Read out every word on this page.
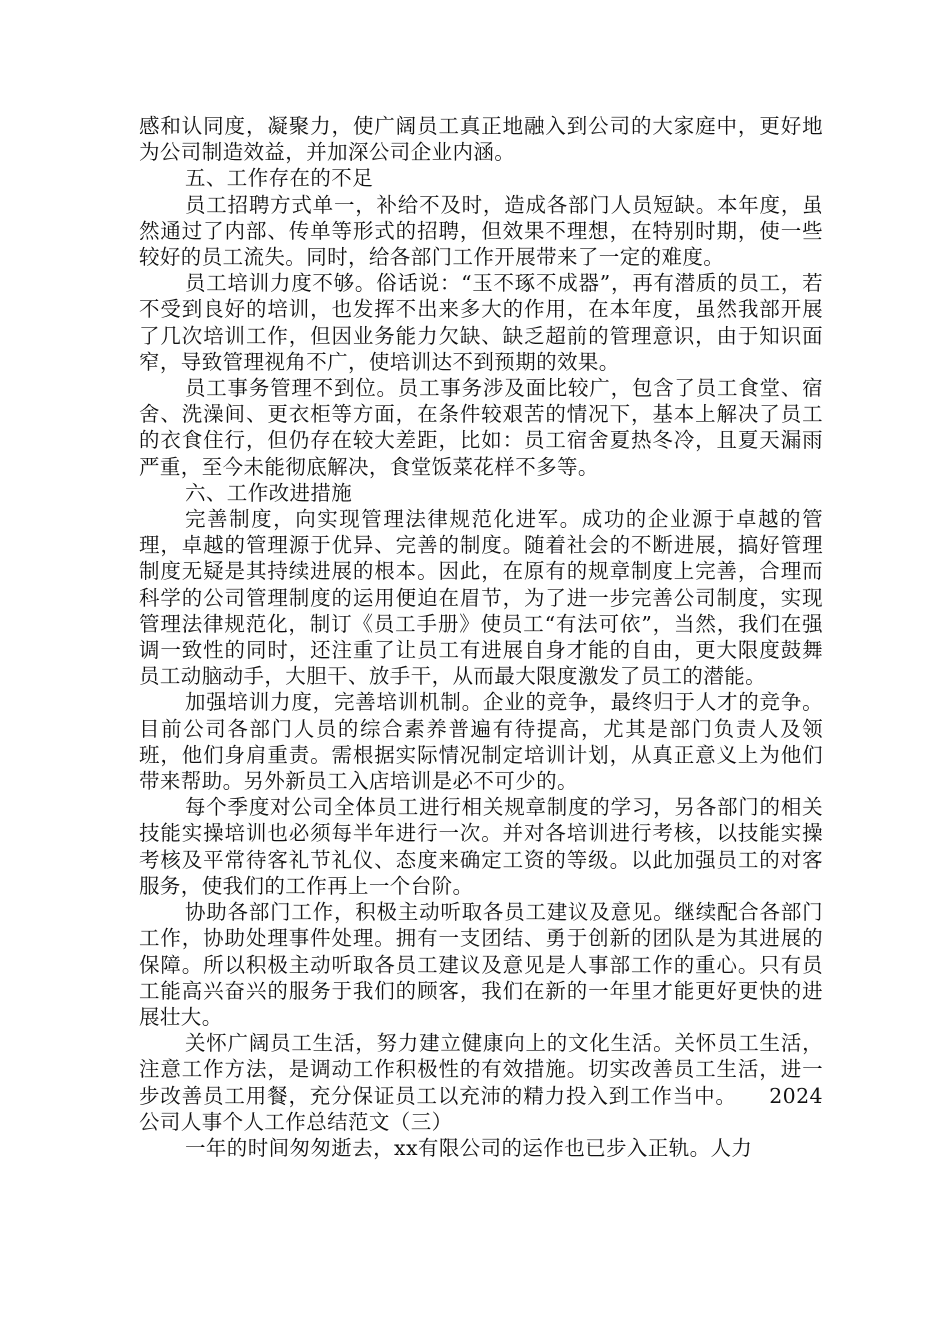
感和认同度，凝聚力，使广阔员工真正地融入到公司的大家庭中，更好地为公司制造效益，并加深公司企业内涵。

五、工作存在的不足

员工招聘方式单一，补给不及时，造成各部门人员短缺。本年度，虽然通过了内部、传单等形式的招聘，但效果不理想，在特别时期，使一些较好的员工流失。同时，给各部门工作开展带来了一定的难度。

员工培训力度不够。俗话说：“玉不琢不成器”，再有潜质的员工，若不受到良好的培训，也发挥不出来多大的作用，在本年度，虽然我部开展了几次培训工作，但因业务能力欠缺、缺乏超前的管理意识，由于知识面窄，导致管理视角不广，使培训达不到预期的效果。

员工事务管理不到位。员工事务涉及面比较广，包含了员工食堂、宿舍、洗澡间、更衣柜等方面，在条件较艰苦的情况下，基本上解决了员工的衣食住行，但仍存在较大差距，比如：员工宿舍夏热冬冷，且夏天漏雨严重，至今未能彻底解决，食堂饭菜花样不多等。

六、工作改进措施

完善制度，向实现管理法律规范化进军。成功的企业源于卓越的管理，卓越的管理源于优异、完善的制度。随着社会的不断进展，搞好管理制度无疑是其持续进展的根本。因此，在原有的规章制度上完善，合理而科学的公司管理制度的运用便迫在眉节，为了进一步完善公司制度，实现管理法律规范化，制订《员工手册》使员工“有法可依”，当然，我们在强调一致性的同时，还注重了让员工有进展自身才能的自由，更大限度鼓舞员工动脑动手，大胆干、放手干，从而最大限度激发了员工的潜能。

加强培训力度，完善培训机制。企业的竞争，最终归于人才的竞争。目前公司各部门人员的综合素养普遍有待提高，尤其是部门负责人及领班，他们身肩重责。需根据实际情况制定培训计划，从真正意义上为他们带来帮助。另外新员工入店培训是必不可少的。

每个季度对公司全体员工进行相关规章制度的学习，另各部门的相关技能实操培训也必须每半年进行一次。并对各培训进行考核，以技能实操考核及平常待客礼节礼仪、态度来确定工资的等级。以此加强员工的对客服务，使我们的工作再上一个台阶。

协助各部门工作，积极主动听取各员工建议及意见。继续配合各部门工作，协助处理事件处理。拥有一支团结、勇于创新的团队是为其进展的保障。所以积极主动听取各员工建议及意见是人事部工作的重心。只有员工能高兴奋兴的服务于我们的顾客，我们在新的一年里才能更好更快的进展壮大。

关怀广阔员工生活，努力建立健康向上的文化生活。关怀员工生活，注意工作方法，是调动工作积极性的有效措施。切实改善员工生活，进一步改善员工用餐，充分保证员工以充沛的精力投入到工作当中。　　2024公司人事个人工作总结范文（三）

一年的时间匆匆逝去，xx有限公司的运作也已步入正轨。人力
